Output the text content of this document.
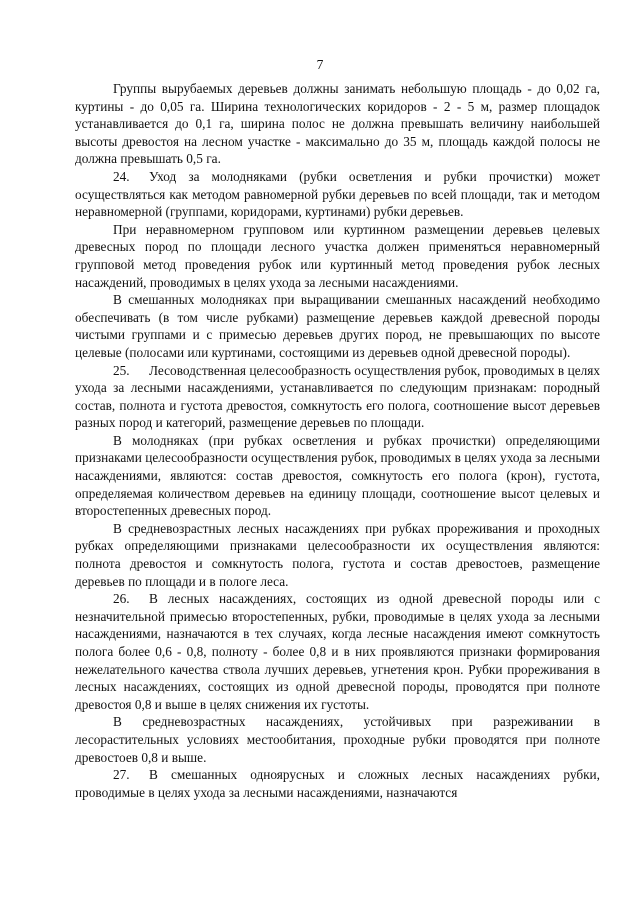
7

Группы вырубаемых деревьев должны занимать небольшую площадь - до 0,02 га, куртины - до 0,05 га. Ширина технологических коридоров - 2 - 5 м, размер площадок устанавливается до 0,1 га, ширина полос не должна превышать величину наибольшей высоты древостоя на лесном участке - максимально до 35 м, площадь каждой полосы не должна превышать 0,5 га.

24. Уход за молодняками (рубки осветления и рубки прочистки) может осуществляться как методом равномерной рубки деревьев по всей площади, так и методом неравномерной (группами, коридорами, куртинами) рубки деревьев.

При неравномерном групповом или куртинном размещении деревьев целевых древесных пород по площади лесного участка должен применяться неравномерный групповой метод проведения рубок или куртинный метод проведения рубок лесных насаждений, проводимых в целях ухода за лесными насаждениями.

В смешанных молодняках при выращивании смешанных насаждений необходимо обеспечивать (в том числе рубками) размещение деревьев каждой древесной породы чистыми группами и с примесью деревьев других пород, не превышающих по высоте целевые (полосами или куртинами, состоящими из деревьев одной древесной породы).

25. Лесоводственная целесообразность осуществления рубок, проводимых в целях ухода за лесными насаждениями, устанавливается по следующим признакам: породный состав, полнота и густота древостоя, сомкнутость его полога, соотношение высот деревьев разных пород и категорий, размещение деревьев по площади.

В молодняках (при рубках осветления и рубках прочистки) определяющими признаками целесообразности осуществления рубок, проводимых в целях ухода за лесными насаждениями, являются: состав древостоя, сомкнутость его полога (крон), густота, определяемая количеством деревьев на единицу площади, соотношение высот целевых и второстепенных древесных пород.

В средневозрастных лесных насаждениях при рубках прореживания и проходных рубках определяющими признаками целесообразности их осуществления являются: полнота древостоя и сомкнутость полога, густота и состав древостоев, размещение деревьев по площади и в пологе леса.

26. В лесных насаждениях, состоящих из одной древесной породы или с незначительной примесью второстепенных, рубки, проводимые в целях ухода за лесными насаждениями, назначаются в тех случаях, когда лесные насаждения имеют сомкнутость полога более 0,6 - 0,8, полноту - более 0,8 и в них проявляются признаки формирования нежелательного качества ствола лучших деревьев, угнетения крон. Рубки прореживания в лесных насаждениях, состоящих из одной древесной породы, проводятся при полноте древостоя 0,8 и выше в целях снижения их густоты.

В средневозрастных насаждениях, устойчивых при разреживании в лесорастительных условиях местообитания, проходные рубки проводятся при полноте древостоев 0,8 и выше.

27. В смешанных одноярусных и сложных лесных насаждениях рубки, проводимые в целях ухода за лесными насаждениями, назначаются
